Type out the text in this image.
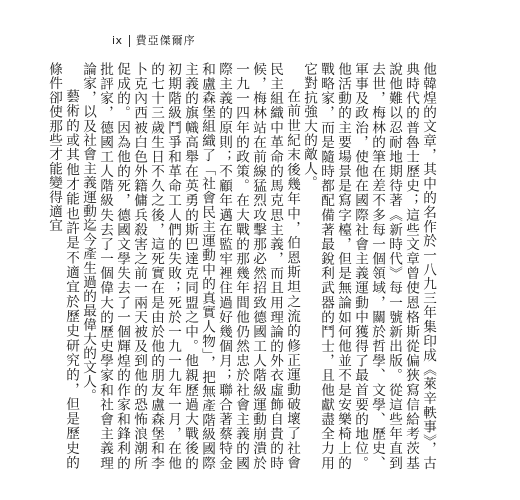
ix 費亞傑爾序

他韓煌的文章，其中的名作於一八九三年集印成《萊辛軼事》，古典時代的普魯士歷史；這些文章曾使恩格斯從偏狹寫信給考茨基說他難以忍耐地期待著《新時代》每一號新出版。從這些年直到去世，梅林的筆在差不多每一個領域，關於哲學、文學、歷史、軍事及政治，使他在國際社會主義運動中獲得了最首要的地位。他活動的主要場景是寫字檯，但是無論如何他並不是安樂椅上的戰略家，而是隨時都配備著最銳利武器的鬥士，且他獻盡全力用它對抗強大的敵人。

在前世紀末後幾年中，伯恩斯坦之流的修正運動破壞了社會民主組織中革命的馬克思主義，而且用理論的外衣虛飾自貴的時候，梅林站在前線猛烈攻擊那必然招致德國工人階級運動崩潰於一九一四年的政策。在大戰的那幾年間他仍然忠於社會主義的國際主義的原則；不顧年邁在監牢裡住過好幾個月；聯合著蔡特金和盧森堡組織了「社會民主運動中的真實人物」，把無產階級國際主義的旗幟高舉在英勇的斯巴達克同盟之中。他親歷過大戰後的初期階級鬥爭和革命工人們的失敗；死於一九一九年一月，在他的七十三歲生日不久之後，這死實在是由於他的朋友盧森堡和李卜克內西被白色外籍傭兵殺害之前一兩天被及到他的恐怖浪潮所促成的。因為他的死，德國文學失去了一個輝煌的作家和鋒利的批評家，德國工人階級失去了一個偉大的歷史學家和社會主義理論家，以及社會主義運動迄今產生過的最偉大的文人。

藝術的或其他才能也許是不適宜於歷史研究的，但是歷史的條件卻使那些才能變得適宜
